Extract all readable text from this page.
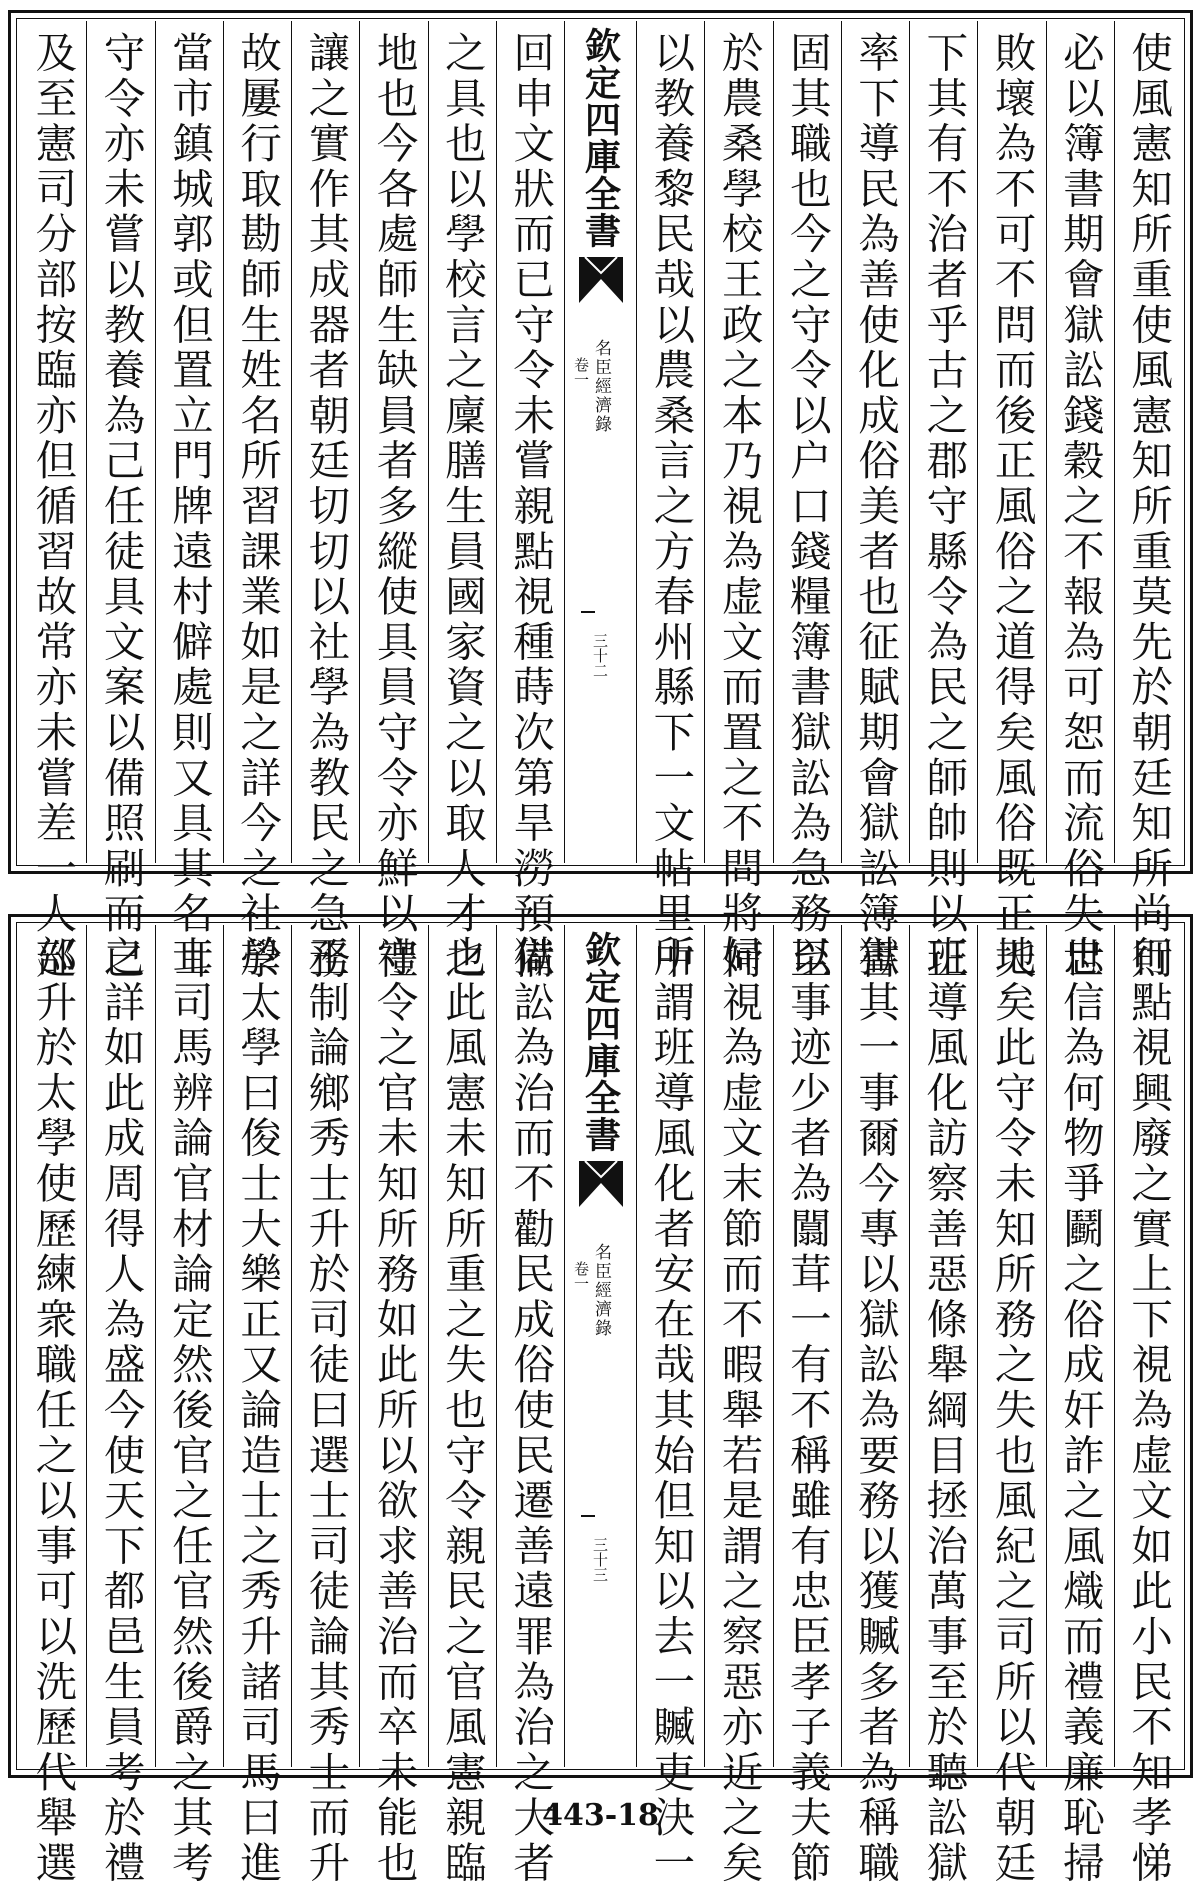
使風憲知所重使風憲知所重莫先於朝廷知所尚則
必以簿書期會獄訟錢穀之不報為可恕而流俗失世
敗壞為不可不問而後正風俗之道得矣風俗既正天
下其有不治者乎古之郡守縣令為民之師帥則以正
率下導民為善使化成俗美者也征賦期會獄訟簿書
固其職也今之守令以户口錢糧簿書獄訟為急務至
於農桑學校王政之本乃視為虚文而置之不問將何
以教養黎民哉以農桑言之方春州縣下一文帖里中
欽定四庫全書
名臣經濟錄
卷一
三十二
回申文狀而已守令未嘗親點視種蒔次第旱澇預備
之具也以學校言之廩膳生員國家資之以取人才之
地也今各處師生缺員者多縱使具員守令亦鮮以禮
讓之實作其成器者朝廷切切以社學為教民之急務
故屢行取勘師生姓名所習課業如是之詳今之社學
當市鎮城郭或但置立門牌遠村僻處則又具其名耳
守令亦未嘗以教養為己任徒具文案以備照刷而已
及至憲司分部按臨亦但循習故常亦未嘗差一人廵
行點視興廢之實上下視為虚文如此小民不知孝悌
忠信為何物爭鬬之俗成奸詐之風熾而禮義廉恥掃
地矣此守令未知所務之失也風紀之司所以代朝廷
班導風化訪察善惡條舉綱目拯治萬事至於聽訟獄
獄其一事爾今專以獄訟為要務以獲贓多者為稱職
以事迹少者為闒茸一有不稱雖有忠臣孝子義夫節
婦視為虚文末節而不暇舉若是謂之察惡亦近之矣
所謂班導風化者安在哉其始但知以去一贓吏決一
欽定四庫全書
名臣經濟錄
卷一
三十三
獄訟為治而不勸民成俗使民遷善遠罪為治之大者
也此風憲未知所重之失也守令親民之官風憲親臨
守令之官未知所務如此所以欲求善治而卒未能也
王制論鄉秀士升於司徒曰選士司徒論其秀士而升
於太學曰俊士大樂正又論造士之秀升諸司馬曰進
士司馬辨論官材論定然後官之任官然後爵之其考
之詳如此成周得人為盛今使天下都邑生員考於禮
部升於太學使歷練衆職任之以事可以洗歷代舉選	443-18
